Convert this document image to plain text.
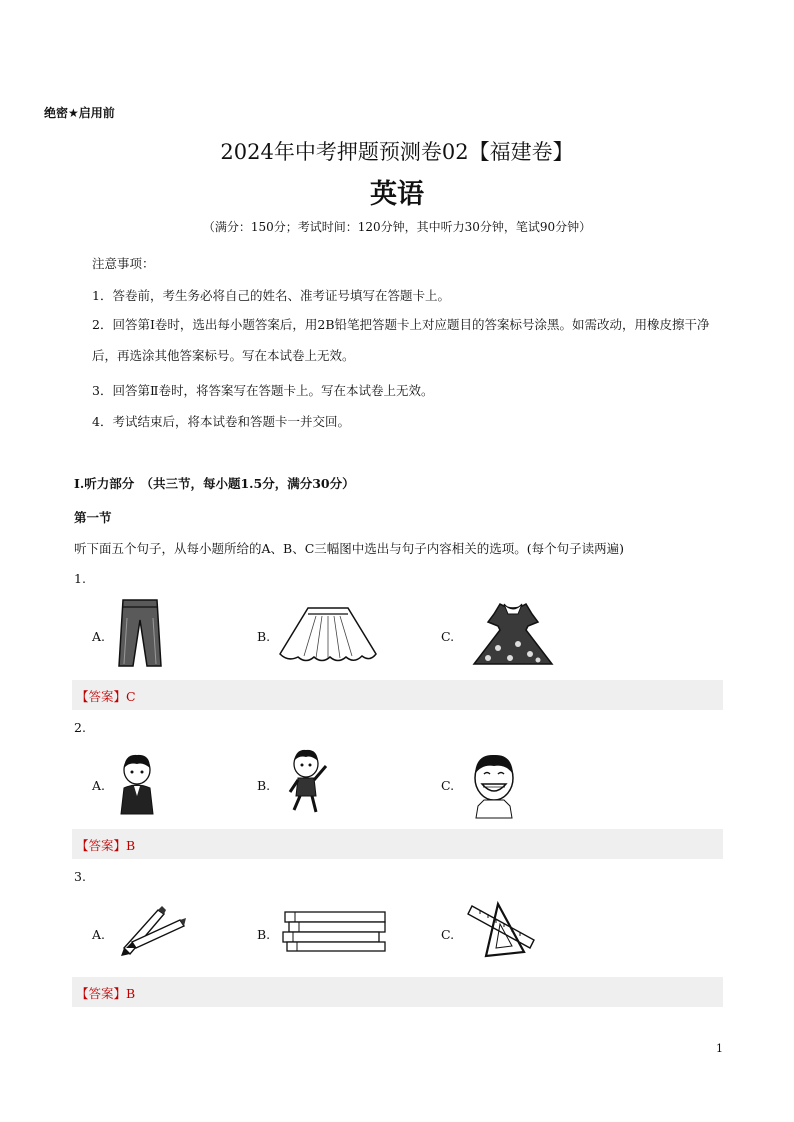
绝密★启用前
2024年中考押题预测卷02【福建卷】
英语
（满分：150分；考试时间：120分钟，其中听力30分钟，笔试90分钟）
注意事项：
1．答卷前，考生务必将自己的姓名、准考证号填写在答题卡上。
2．回答第Ⅰ卷时，选出每小题答案后，用2B铅笔把答题卡上对应题目的答案标号涂黑。如需改动，用橡皮擦干净后，再选涂其他答案标号。写在本试卷上无效。
3．回答第Ⅱ卷时，将答案写在答题卡上。写在本试卷上无效。
4．考试结束后，将本试卷和答题卡一并交回。
Ⅰ.听力部分　（共三节，每小题1.5分，满分30分）
第一节
听下面五个句子，从每小题所给的A、B、C三幅图中选出与句子内容相关的选项。(每个句子读两遍)
1.
A.	B.	C.
【答案】C
2.
A.	B.	C.
【答案】B
3.
A.	B.	C.
【答案】B
1
